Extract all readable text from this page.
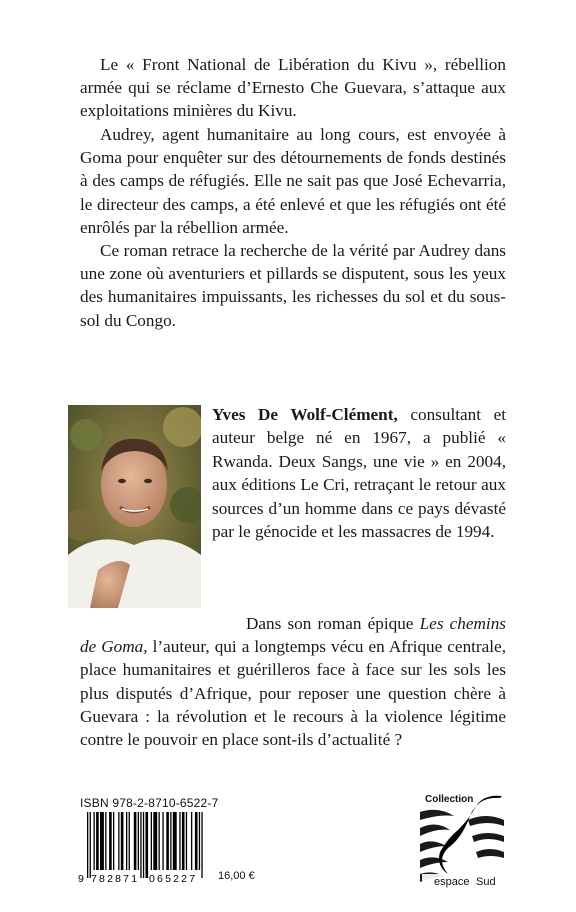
Le « Front National de Libération du Kivu », rébellion armée qui se réclame d’Ernesto Che Guevara, s’attaque aux exploitations minières du Kivu.

Audrey, agent humanitaire au long cours, est envoyée à Goma pour enquêter sur des détournements de fonds destinés à des camps de réfugiés. Elle ne sait pas que José Echevarria, le directeur des camps, a été enlevé et que les réfugiés ont été enrôlés par la rébellion armée.

Ce roman retrace la recherche de la vérité par Audrey dans une zone où aventuriers et pillards se disputent, sous les yeux des humanitaires impuissants, les richesses du sol et du sous-sol du Congo.

Yves De Wolf-Clément, consultant et auteur belge né en 1967, a publié « Rwanda. Deux Sangs, une vie » en 2004, aux éditions Le Cri, retraçant le retour aux sources d’un homme dans ce pays dévasté par le génocide et les massacres de 1994.

Dans son roman épique Les chemins de Goma, l’auteur, qui a longtemps vécu en Afrique centrale, place humanitaires et guérilleros face à face sur les sols les plus disputés d’Afrique, pour reposer une question chère à Guevara : la révolution et le recours à la violence légitime contre le pouvoir en place sont-ils d’actualité ?

ISBN 978-2-8710-6522-7
9 782871 065227 16,00 €
Collection
espace Sud
